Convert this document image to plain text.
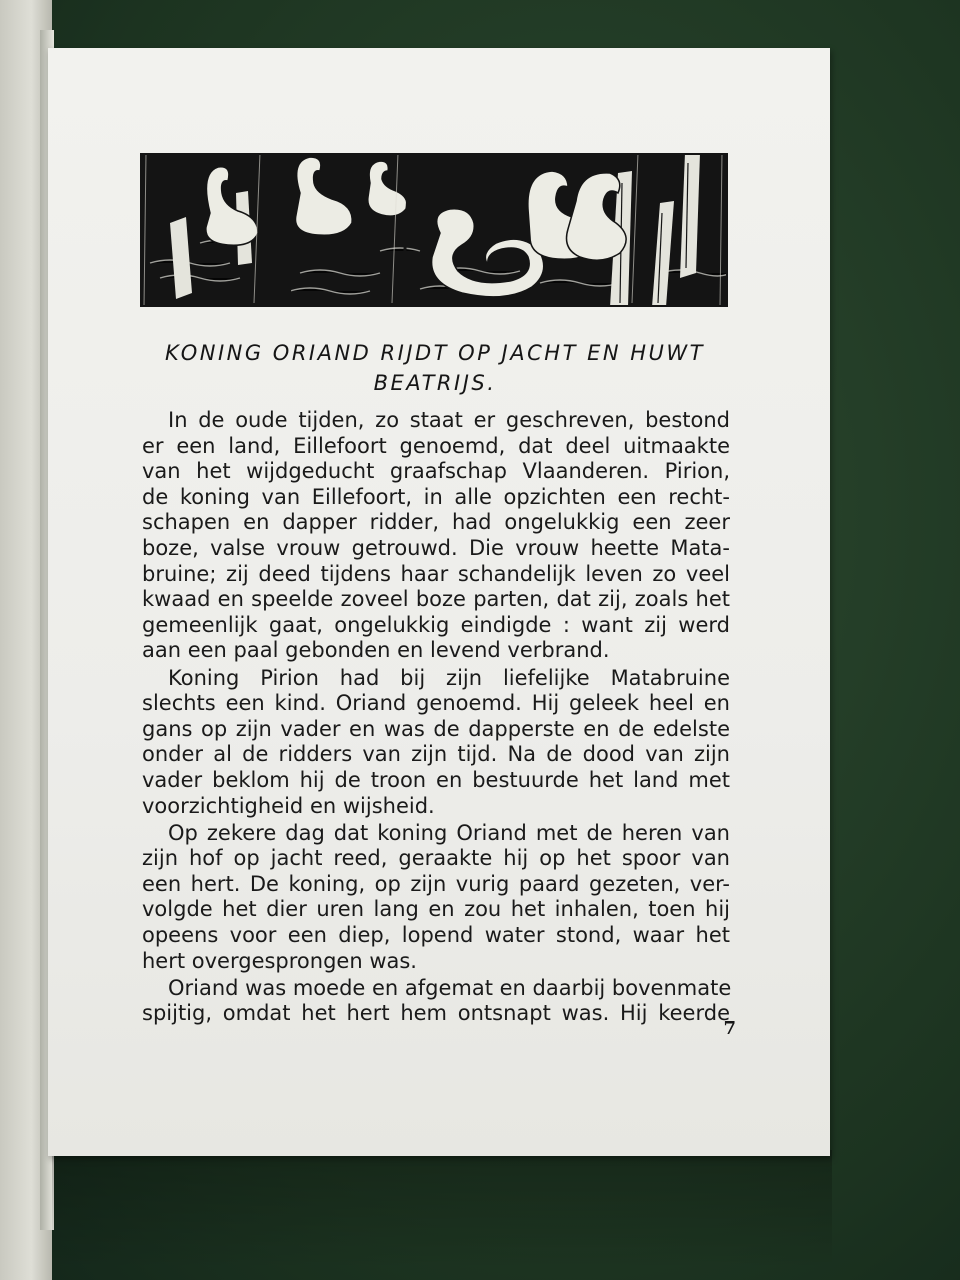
KONING ORIAND RIJDT OP JACHT EN HUWT BEATRIJS.

In de oude tijden, zo staat er geschreven, bestond
er een land, Eillefoort genoemd, dat deel uitmaakte
van het wijdgeducht graafschap Vlaanderen. Pirion,
de koning van Eillefoort, in alle opzichten een recht-
schapen en dapper ridder, had ongelukkig een zeer
boze, valse vrouw getrouwd. Die vrouw heette Mata-
bruine; zij deed tijdens haar schandelijk leven zo veel
kwaad en speelde zoveel boze parten, dat zij, zoals het
gemeenlijk gaat, ongelukkig eindigde : want zij werd
aan een paal gebonden en levend verbrand.

Koning Pirion had bij zijn liefelijke Matabruine
slechts een kind. Oriand genoemd. Hij geleek heel en
gans op zijn vader en was de dapperste en de edelste
onder al de ridders van zijn tijd. Na de dood van zijn
vader beklom hij de troon en bestuurde het land met
voorzichtigheid en wijsheid.

Op zekere dag dat koning Oriand met de heren van
zijn hof op jacht reed, geraakte hij op het spoor van
een hert. De koning, op zijn vurig paard gezeten, ver-
volgde het dier uren lang en zou het inhalen, toen hij
opeens voor een diep, lopend water stond, waar het
hert overgesprongen was.

Oriand was moede en afgemat en daarbij bovenmate
spijtig, omdat het hert hem ontsnapt was. Hij keerde

7
